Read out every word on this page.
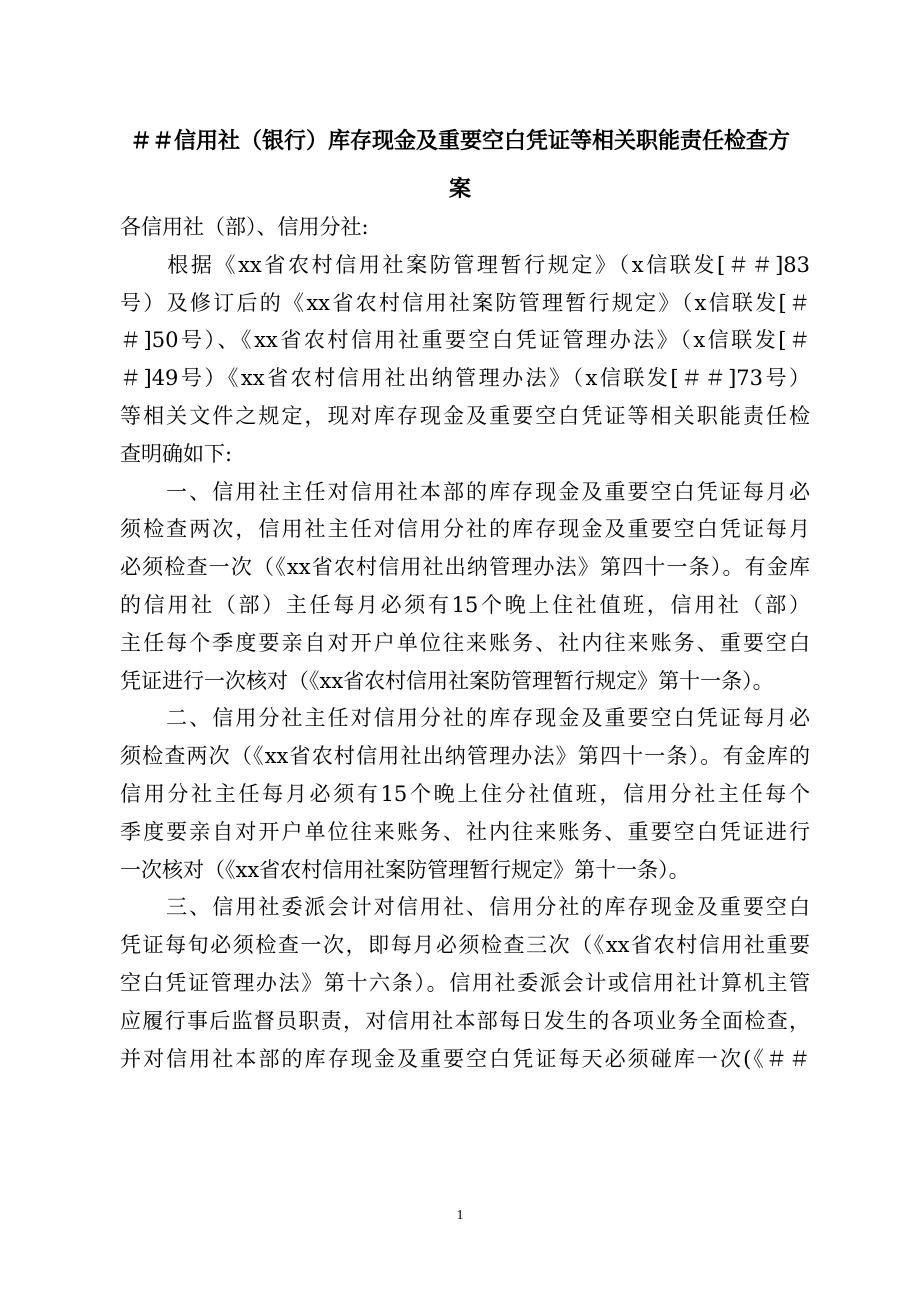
＃＃信用社（银行）库存现金及重要空白凭证等相关职能责任检查方
案
各信用社（部）、信用分社:
　　根据《xx省农村信用社案防管理暂行规定》（x信联发[＃＃]83
号）及修订后的《xx省农村信用社案防管理暂行规定》（x信联发[＃
＃]50号）、《xx省农村信用社重要空白凭证管理办法》（x信联发[＃
＃]49号）《xx省农村信用社出纳管理办法》（x信联发[＃＃]73号）
等相关文件之规定，现对库存现金及重要空白凭证等相关职能责任检
查明确如下:
　　一、信用社主任对信用社本部的库存现金及重要空白凭证每月必
须检查两次，信用社主任对信用分社的库存现金及重要空白凭证每月
必须检查一次（《xx省农村信用社出纳管理办法》第四十一条）。有金库
的信用社（部）主任每月必须有15个晚上住社值班，信用社（部）
主任每个季度要亲自对开户单位往来账务、社内往来账务、重要空白
凭证进行一次核对（《xx省农村信用社案防管理暂行规定》第十一条）。
　　二、信用分社主任对信用分社的库存现金及重要空白凭证每月必
须检查两次（《xx省农村信用社出纳管理办法》第四十一条）。有金库的
信用分社主任每月必须有15个晚上住分社值班，信用分社主任每个
季度要亲自对开户单位往来账务、社内往来账务、重要空白凭证进行
一次核对（《xx省农村信用社案防管理暂行规定》第十一条）。
　　三、信用社委派会计对信用社、信用分社的库存现金及重要空白
凭证每旬必须检查一次，即每月必须检查三次（《xx省农村信用社重要
空白凭证管理办法》第十六条）。信用社委派会计或信用社计算机主管
应履行事后监督员职责，对信用社本部每日发生的各项业务全面检查，
并对信用社本部的库存现金及重要空白凭证每天必须碰库一次(《＃＃
1
